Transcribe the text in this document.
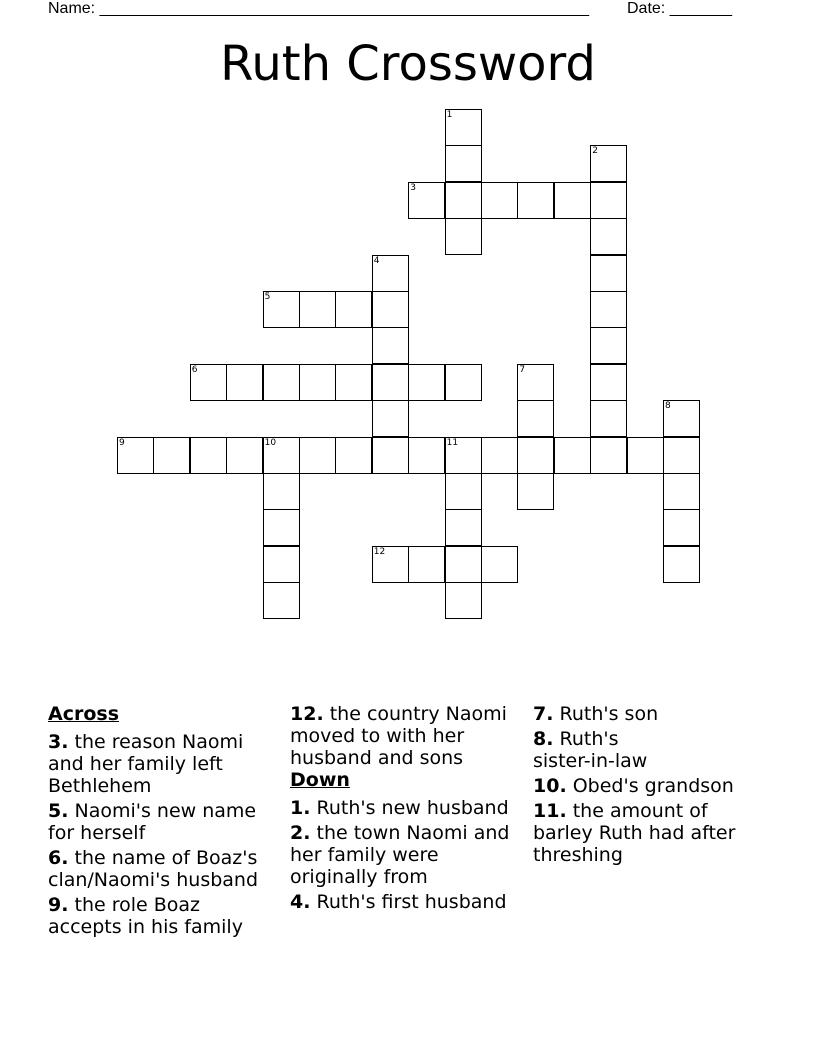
Name: _______________________________________________________ Date: _______
Ruth Crossword
3
5
6
9	10	11
12
1
2
4
7
8
Across
3. the reason Naomi and her family left Bethlehem
5. Naomi's new name for herself
6. the name of Boaz's clan/Naomi's husband
9. the role Boaz accepts in his family
12. the country Naomi moved to with her husband and sons
Down
1. Ruth's new husband
2. the town Naomi and her family were originally from
4. Ruth's first husband
7. Ruth's son
8. Ruth's sister-in-law
10. Obed's grandson
11. the amount of barley Ruth had after threshing
